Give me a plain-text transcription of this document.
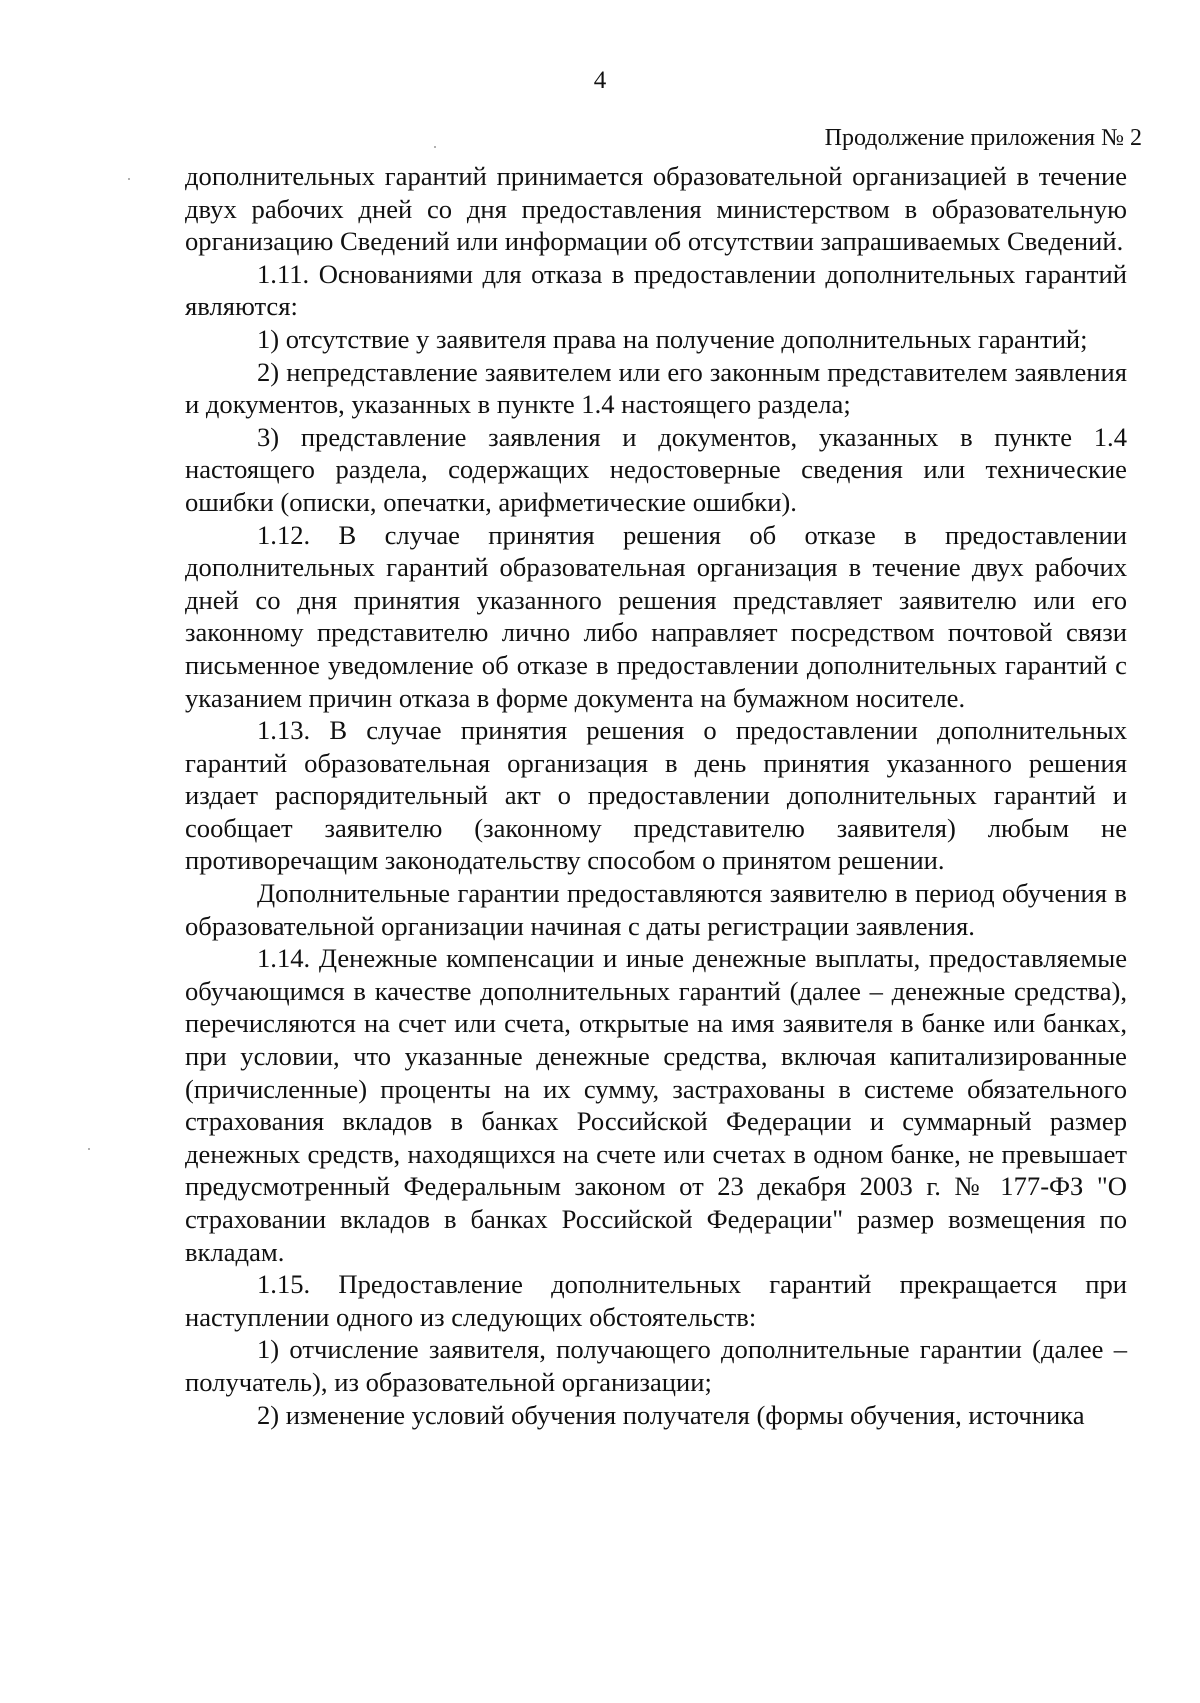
4
Продолжение приложения № 2

дополнительных гарантий принимается образовательной организацией в течение двух рабочих дней со дня предоставления министерством в образовательную организацию Сведений или информации об отсутствии запрашиваемых Сведений.

1.11. Основаниями для отказа в предоставлении дополнительных гарантий являются:

1) отсутствие у заявителя права на получение дополнительных гарантий;

2) непредставление заявителем или его законным представителем заявления и документов, указанных в пункте 1.4 настоящего раздела;

3) представление заявления и документов, указанных в пункте 1.4 настоящего раздела, содержащих недостоверные сведения или технические ошибки (описки, опечатки, арифметические ошибки).

1.12. В случае принятия решения об отказе в предоставлении дополнительных гарантий образовательная организация в течение двух рабочих дней со дня принятия указанного решения представляет заявителю или его законному представителю лично либо направляет посредством почтовой связи письменное уведомление об отказе в предоставлении дополнительных гарантий с указанием причин отказа в форме документа на бумажном носителе.

1.13. В случае принятия решения о предоставлении дополнительных гарантий образовательная организация в день принятия указанного решения издает распорядительный акт о предоставлении дополнительных гарантий и сообщает заявителю (законному представителю заявителя) любым не противоречащим законодательству способом о принятом решении.

Дополнительные гарантии предоставляются заявителю в период обучения в образовательной организации начиная с даты регистрации заявления.

1.14. Денежные компенсации и иные денежные выплаты, предоставляемые обучающимся в качестве дополнительных гарантий (далее – денежные средства), перечисляются на счет или счета, открытые на имя заявителя в банке или банках, при условии, что указанные денежные средства, включая капитализированные (причисленные) проценты на их сумму, застрахованы в системе обязательного страхования вкладов в банках Российской Федерации и суммарный размер денежных средств, находящихся на счете или счетах в одном банке, не превышает предусмотренный Федеральным законом от 23 декабря 2003 г. № 177-ФЗ "О страховании вкладов в банках Российской Федерации" размер возмещения по вкладам.

1.15. Предоставление дополнительных гарантий прекращается при наступлении одного из следующих обстоятельств:

1) отчисление заявителя, получающего дополнительные гарантии (далее – получатель), из образовательной организации;

2) изменение условий обучения получателя (формы обучения, источника
